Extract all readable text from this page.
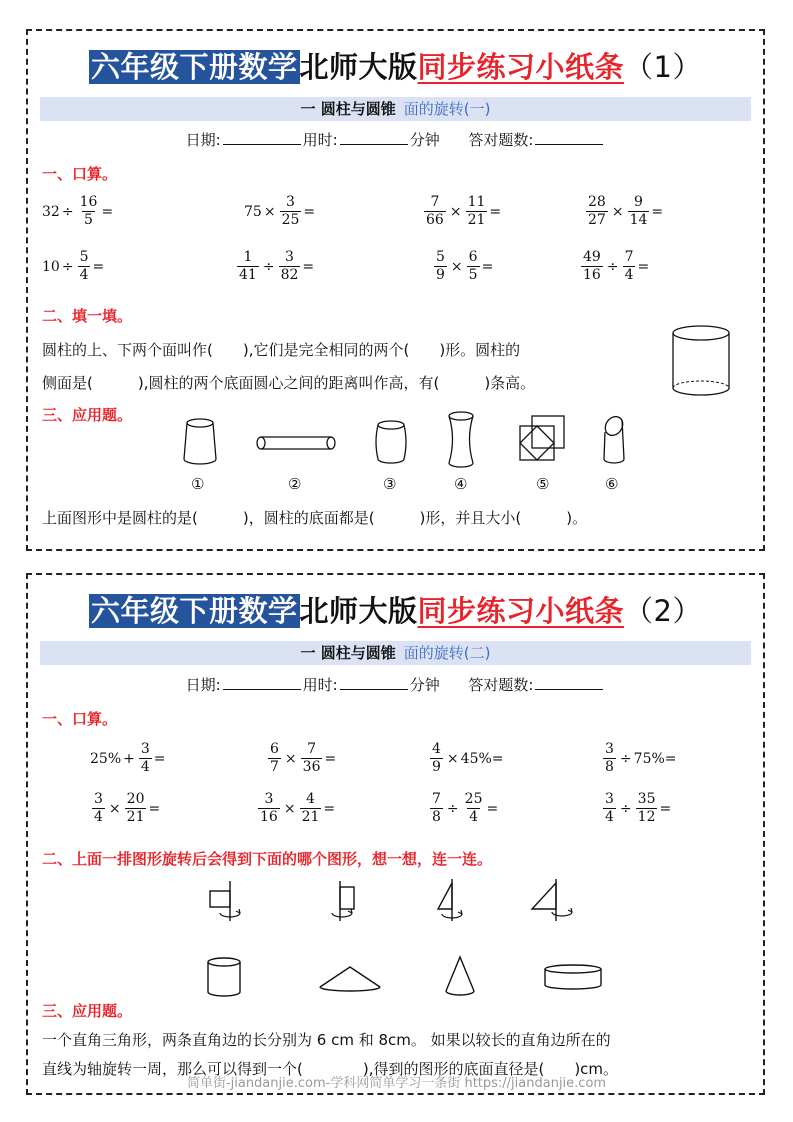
六年级下册数学北师大版同步练习小纸条（1）
一 圆柱与圆锥 面的旋转(一)
日期:	用时:	分钟 答对题数:
一、口算。
$32 \div \frac{16}{5}$ =	$75 \times \frac{3}{25}$ =	$\frac{7}{66} \times \frac{11}{21}$ =	$\frac{28}{27} \times \frac{9}{14}$ =
$10 \div \frac{5}{4}$ =	$\frac{1}{41} \div \frac{3}{82}$ =	$\frac{5}{9} \times \frac{6}{5}$ =	$\frac{49}{16} \div \frac{7}{4}$ =
二、填一填。
圆柱的上、下两个面叫作(　　),它们是完全相同的两个(　　)形。圆柱的
侧面是(　　　),圆柱的两个底面圆心之间的距离叫作高，有(　　　)条高。
三、应用题。
①	②	③	④	⑤	⑥
上面图形中是圆柱的是(　　　)，圆柱的底面都是(　　　)形，并且大小(　　　)。
六年级下册数学北师大版同步练习小纸条（2）
一 圆柱与圆锥 面的旋转(二)
日期:	用时:	分钟 答对题数:
一、口算。
$25\% + \frac{3}{4}$ =	$\frac{6}{7} \times \frac{7}{36}$ =	$\frac{4}{9} \times 45\%$ =	$\frac{3}{8} \div 75\%$ =
$\frac{3}{4} \times \frac{20}{21}$ =	$\frac{3}{16} \times \frac{4}{21}$ =	$\frac{7}{8} \div \frac{25}{4}$ =	$\frac{3}{4} \div \frac{35}{12}$ =
二、上面一排图形旋转后会得到下面的哪个图形，想一想，连一连。
三、应用题。
一个直角三角形，两条直角边的长分别为 6 cm 和 8cm。 如果以较长的直角边所在的
直线为轴旋转一周，那么可以得到一个(　　　　),得到的图形的底面直径是(　　)cm。
简单街-jiandanjie.com-学科网简单学习一条街 https://jiandanjie.com
